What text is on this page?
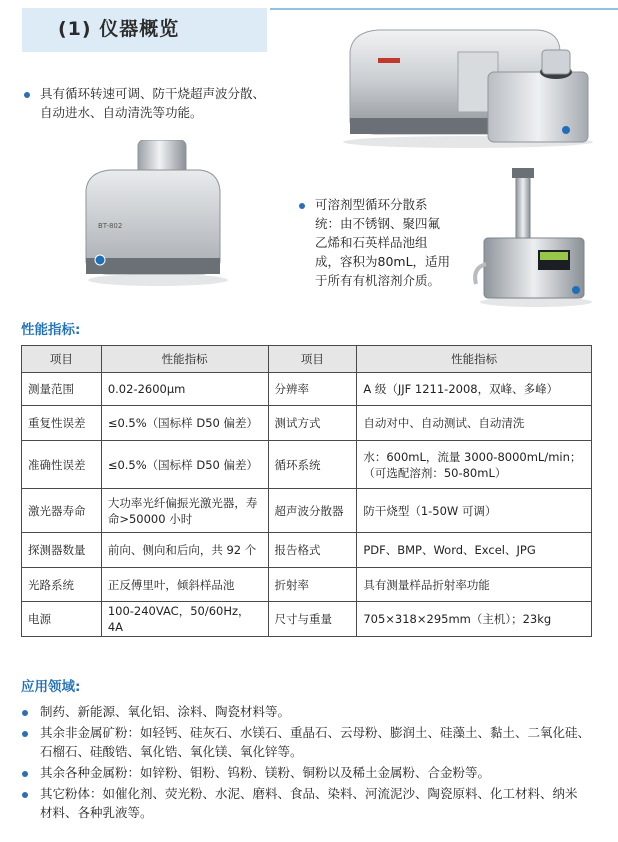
(1) 仪器概览
具有循环转速可调、防干烧超声波分散、
自动进水、自动清洗等功能。
BT-802
可溶剂型循环分散系
统：由不锈钢、聚四氟
乙烯和石英样品池组
成，容积为80mL，适用
于所有有机溶剂介质。
性能指标:
项目	性能指标	项目	性能指标
测量范围	0.02-2600μm	分辨率	A 级（JJF 1211-2008，双峰、多峰）
重复性误差	≤0.5%（国标样 D50 偏差）	测试方式	自动对中、自动测试、自动清洗
准确性误差	≤0.5%（国标样 D50 偏差）	循环系统	水：600mL，流量 3000-8000mL/min；（可选配溶剂：50-80mL）
激光器寿命	大功率光纤偏振光激光器，寿命>50000 小时	超声波分散器	防干烧型（1-50W 可调）
探测器数量	前向、侧向和后向，共 92 个	报告格式	PDF、BMP、Word、Excel、JPG
光路系统	正反傅里叶，倾斜样品池	折射率	具有测量样品折射率功能
电源	100-240VAC，50/60Hz，4A	尺寸与重量	705×318×295mm（主机）；23kg
应用领域:
制药、新能源、氧化铝、涂料、陶瓷材料等。
其余非金属矿粉：如轻钙、硅灰石、水镁石、重晶石、云母粉、膨润土、硅藻土、黏土、二氧化硅、
石榴石、硅酸锆、氧化锆、氧化镁、氧化锌等。
其余各种金属粉：如锌粉、钼粉、钨粉、镁粉、铜粉以及稀土金属粉、合金粉等。
其它粉体：如催化剂、荧光粉、水泥、磨料、食品、染料、河流泥沙、陶瓷原料、化工材料、纳米
材料、各种乳液等。
